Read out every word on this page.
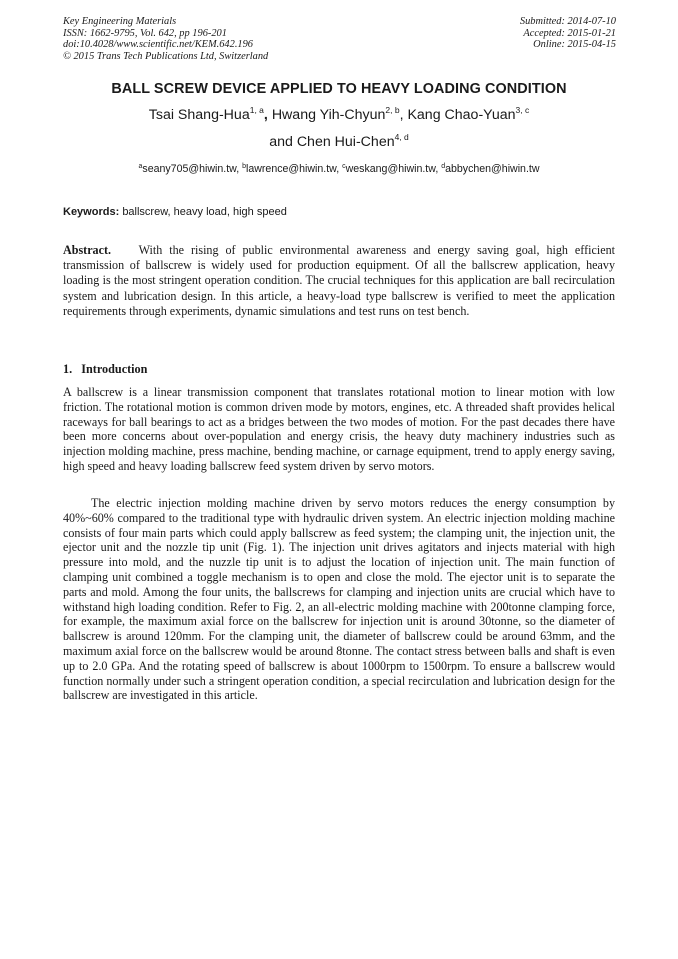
Key Engineering Materials
ISSN: 1662-9795, Vol. 642, pp 196-201
doi:10.4028/www.scientific.net/KEM.642.196
© 2015 Trans Tech Publications Ltd, Switzerland
Submitted: 2014-07-10
Accepted: 2015-01-21
Online: 2015-04-15
BALL SCREW DEVICE APPLIED TO HEAVY LOADING CONDITION
Tsai Shang-Hua$^{1, a}$, Hwang Yih-Chyun$^{2, b}$, Kang Chao-Yuan$^{3, c}$
and Chen Hui-Chen$^{4, d}$
$^a$seany705@hiwin.tw, $^b$lawrence@hiwin.tw, $^c$weskang@hiwin.tw, $^d$abbychen@hiwin.tw
Keywords: ballscrew, heavy load, high speed
Abstract. With the rising of public environmental awareness and energy saving goal, high efficient transmission of ballscrew is widely used for production equipment. Of all the ballscrew application, heavy loading is the most stringent operation condition. The crucial techniques for this application are ball recirculation system and lubrication design. In this article, a heavy-load type ballscrew is verified to meet the application requirements through experiments, dynamic simulations and test runs on test bench.
1. Introduction

A ballscrew is a linear transmission component that translates rotational motion to linear motion with low friction. The rotational motion is common driven mode by motors, engines, etc. A threaded shaft provides helical raceways for ball bearings to act as a bridges between the two modes of motion. For the past decades there have been more concerns about over-population and energy crisis, the heavy duty machinery industries such as injection molding machine, press machine, bending machine, or carnage equipment, trend to apply energy saving, high speed and heavy loading ballscrew feed system driven by servo motors.

The electric injection molding machine driven by servo motors reduces the energy consumption by 40%~60% compared to the traditional type with hydraulic driven system. An electric injection molding machine consists of four main parts which could apply ballscrew as feed system; the clamping unit, the injection unit, the ejector unit and the nozzle tip unit (Fig. 1). The injection unit drives agitators and injects material with high pressure into mold, and the nuzzle tip unit is to adjust the location of injection unit. The main function of clamping unit combined a toggle mechanism is to open and close the mold. The ejector unit is to separate the parts and mold. Among the four units, the ballscrews for clamping and injection units are crucial which have to withstand high loading condition. Refer to Fig. 2, an all-electric molding machine with 200tonne clamping force, for example, the maximum axial force on the ballscrew for injection unit is around 30tonne, so the diameter of ballscrew is around 120mm. For the clamping unit, the diameter of ballscrew could be around 63mm, and the maximum axial force on the ballscrew would be around 8tonne. The contact stress between balls and shaft is even up to 2.0 GPa. And the rotating speed of ballscrew is about 1000rpm to 1500rpm. To ensure a ballscrew would function normally under such a stringent operation condition, a special recirculation and lubrication design for the ballscrew are investigated in this article.
